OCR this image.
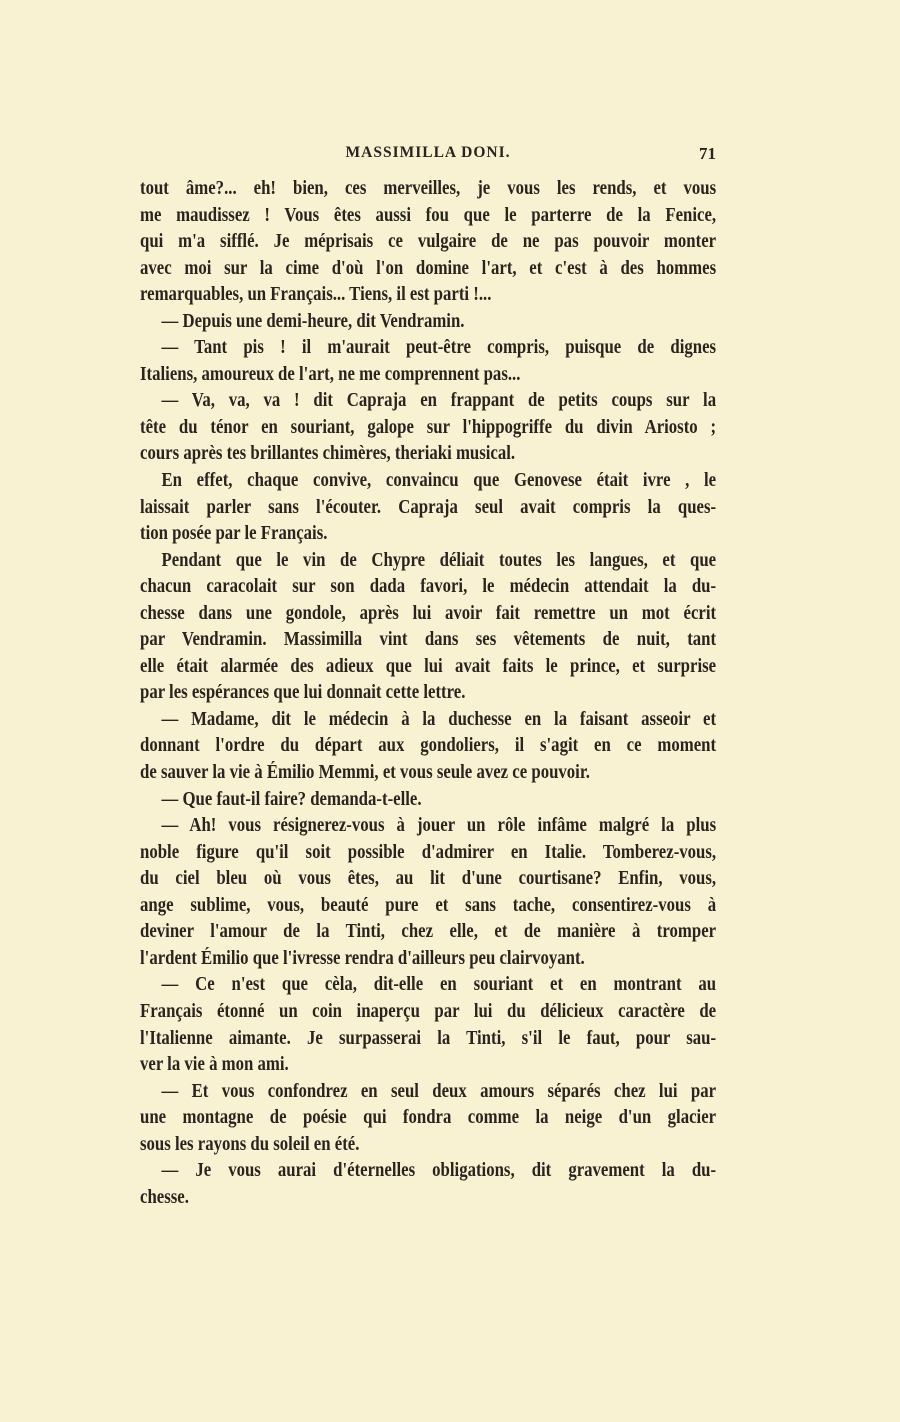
MASSIMILLA DONI.	71
tout âme?... eh! bien, ces merveilles, je vous les rends, et vous
me maudissez ! Vous êtes aussi fou que le parterre de la Fenice,
qui m'a sifflé. Je méprisais ce vulgaire de ne pas pouvoir monter
avec moi sur la cime d'où l'on domine l'art, et c'est à des hommes
remarquables, un Français... Tiens, il est parti !...
— Depuis une demi-heure, dit Vendramin.
— Tant pis ! il m'aurait peut-être compris, puisque de dignes
Italiens, amoureux de l'art, ne me comprennent pas...
— Va, va, va ! dit Capraja en frappant de petits coups sur la
tête du ténor en souriant, galope sur l'hippogriffe du divin Ariosto ;
cours après tes brillantes chimères, theriaki musical.
En effet, chaque convive, convaincu que Genovese était ivre , le
laissait parler sans l'écouter. Capraja seul avait compris la ques-
tion posée par le Français.
Pendant que le vin de Chypre déliait toutes les langues, et que
chacun caracolait sur son dada favori, le médecin attendait la du-
chesse dans une gondole, après lui avoir fait remettre un mot écrit
par Vendramin. Massimilla vint dans ses vêtements de nuit, tant
elle était alarmée des adieux que lui avait faits le prince, et surprise
par les espérances que lui donnait cette lettre.
— Madame, dit le médecin à la duchesse en la faisant asseoir et
donnant l'ordre du départ aux gondoliers, il s'agit en ce moment
de sauver la vie à Émilio Memmi, et vous seule avez ce pouvoir.
— Que faut-il faire? demanda-t-elle.
— Ah! vous résignerez-vous à jouer un rôle infâme malgré la plus
noble figure qu'il soit possible d'admirer en Italie. Tomberez-vous,
du ciel bleu où vous êtes, au lit d'une courtisane? Enfin, vous,
ange sublime, vous, beauté pure et sans tache, consentirez-vous à
deviner l'amour de la Tinti, chez elle, et de manière à tromper
l'ardent Émilio que l'ivresse rendra d'ailleurs peu clairvoyant.
— Ce n'est que cèla, dit-elle en souriant et en montrant au
Français étonné un coin inaperçu par lui du délicieux caractère de
l'Italienne aimante. Je surpasserai la Tinti, s'il le faut, pour sau-
ver la vie à mon ami.
— Et vous confondrez en seul deux amours séparés chez lui par
une montagne de poésie qui fondra comme la neige d'un glacier
sous les rayons du soleil en été.
— Je vous aurai d'éternelles obligations, dit gravement la du-
chesse.
